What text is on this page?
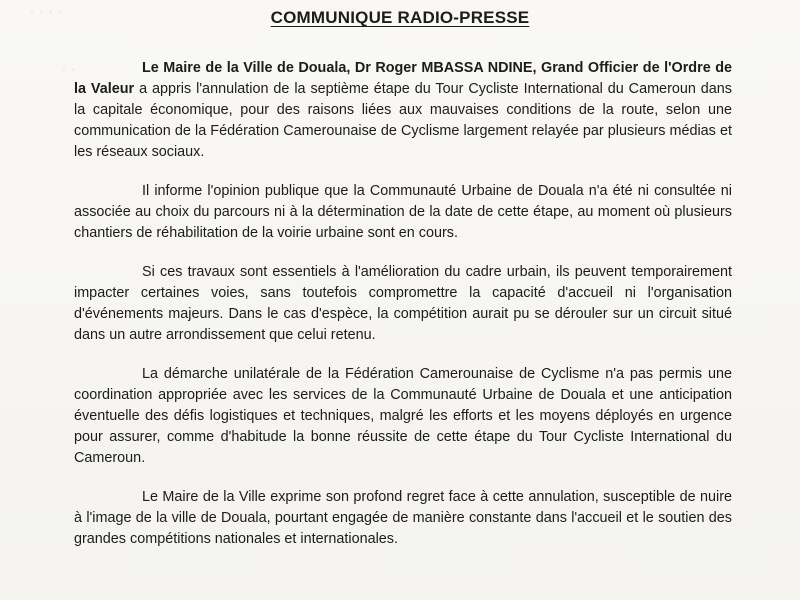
· · · ·
· ·
COMMUNIQUE RADIO-PRESSE

Le Maire de la Ville de Douala, Dr Roger MBASSA NDINE, Grand Officier de l'Ordre de la Valeur a appris l'annulation de la septième étape du Tour Cycliste International du Cameroun dans la capitale économique, pour des raisons liées aux mauvaises conditions de la route, selon une communication de la Fédération Camerounaise de Cyclisme largement relayée par plusieurs médias et les réseaux sociaux.

Il informe l'opinion publique que la Communauté Urbaine de Douala n'a été ni consultée ni associée au choix du parcours ni à la détermination de la date de cette étape, au moment où plusieurs chantiers de réhabilitation de la voirie urbaine sont en cours.

Si ces travaux sont essentiels à l'amélioration du cadre urbain, ils peuvent temporairement impacter certaines voies, sans toutefois compromettre la capacité d'accueil ni l'organisation d'événements majeurs. Dans le cas d'espèce, la compétition aurait pu se dérouler sur un circuit situé dans un autre arrondissement que celui retenu.

La démarche unilatérale de la Fédération Camerounaise de Cyclisme n'a pas permis une coordination appropriée avec les services de la Communauté Urbaine de Douala et une anticipation éventuelle des défis logistiques et techniques, malgré les efforts et les moyens déployés en urgence pour assurer, comme d'habitude la bonne réussite de cette étape du Tour Cycliste International du Cameroun.

Le Maire de la Ville exprime son profond regret face à cette annulation, susceptible de nuire à l'image de la ville de Douala, pourtant engagée de manière constante dans l'accueil et le soutien des grandes compétitions nationales et internationales.
